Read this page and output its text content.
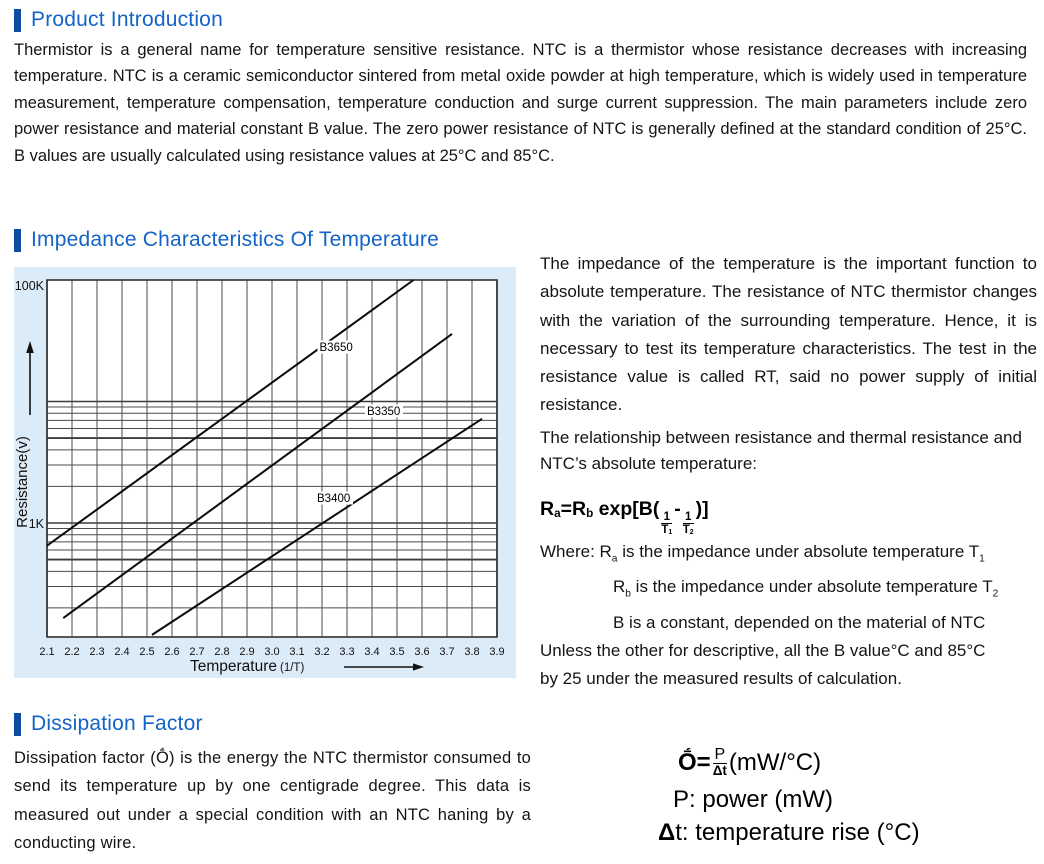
Product Introduction
Thermistor is a general name for temperature sensitive resistance. NTC is a thermistor whose resistance decreases with increasing temperature. NTC is a ceramic semiconductor sintered from metal oxide powder at high temperature, which is widely used in temperature measurement, temperature compensation, temperature conduction and surge current suppression. The main parameters include zero power resistance and material constant B value. The zero power resistance of NTC is generally defined at the standard condition of 25°C. B values are usually calculated using resistance values at 25°C and 85°C.
Impedance Characteristics Of Temperature
B3650
B3350
B3400
100K
1K
2.1 2.2 2.3 2.4 2.5 2.6 2.7 2.8 2.9 3.0 3.1 3.2 3.3 3.4 3.5 3.6 3.7 3.8 3.9
Resistance(v)
Temperature (1/T)
The impedance of the temperature is the important function to absolute temperature. The resistance of NTC thermistor changes with the variation of the surrounding temperature. Hence, it is necessary to test its temperature characteristics. The test in the resistance value is called RT, said no power supply of initial resistance.
The relationship between resistance and thermal resistance and NTC’s absolute temperature:
Ra=Rb exp[B(
$\frac{1}{T1}$
-
$\frac{1}{T2}$
)]
Where: $R_a$ is the impedance under absolute temperature $T_1$
$R_b$ is the impedance under absolute temperature $T_2$
B is a constant, depended on the material of NTC
Unless the other for descriptive, all the B value°C and 85°C
by 25 under the measured results of calculation.
Dissipation Factor
Dissipation factor (Ṓ) is the energy the NTC thermistor consumed to send its temperature up by one centigrade degree. This data is measured out under a special condition with an NTC haning by a conducting wire.
Ṓ= $\frac{P}{\Delta t} (mW/^\circ C)$
P: power (mW)
Δt: temperature rise (°C)
